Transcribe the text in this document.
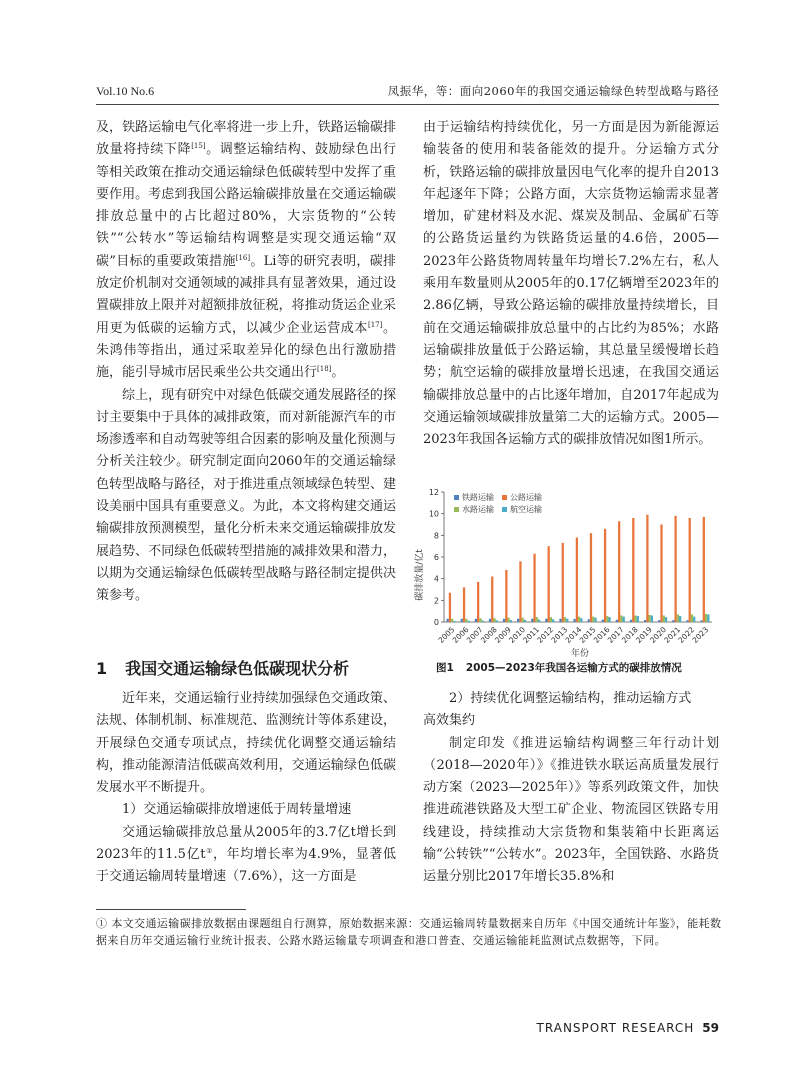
Vol.10 No.6	凤振华，等：面向2060年的我国交通运输绿色转型战略与路径

及，铁路运输电气化率将进一步上升，铁路运输碳排放量将持续下降[15]。调整运输结构、鼓励绿色出行等相关政策在推动交通运输绿色低碳转型中发挥了重要作用。考虑到我国公路运输碳排放量在交通运输碳排放总量中的占比超过80%，大宗货物的“公转铁”“公转水”等运输结构调整是实现交通运输“双碳”目标的重要政策措施[16]。Li等的研究表明，碳排放定价机制对交通领域的减排具有显著效果，通过设置碳排放上限并对超额排放征税，将推动货运企业采用更为低碳的运输方式，以减少企业运营成本[17]。朱鸿伟等指出，通过采取差异化的绿色出行激励措施，能引导城市居民乘坐公共交通出行[18]。

综上，现有研究中对绿色低碳交通发展路径的探讨主要集中于具体的减排政策，而对新能源汽车的市场渗透率和自动驾驶等组合因素的影响及量化预测与分析关注较少。研究制定面向2060年的交通运输绿色转型战略与路径，对于推进重点领域绿色转型、建设美丽中国具有重要意义。为此，本文将构建交通运输碳排放预测模型，量化分析未来交通运输碳排放发展趋势、不同绿色低碳转型措施的减排效果和潜力，以期为交通运输绿色低碳转型战略与路径制定提供决策参考。

1 我国交通运输绿色低碳现状分析

近年来，交通运输行业持续加强绿色交通政策、法规、体制机制、标准规范、监测统计等体系建设，开展绿色交通专项试点，持续优化调整交通运输结构，推动能源清洁低碳高效利用，交通运输绿色低碳发展水平不断提升。

1）交通运输碳排放增速低于周转量增速

交通运输碳排放总量从2005年的3.7亿t增长到2023年的11.5亿t①，年均增长率为4.9%，显著低于交通运输周转量增速（7.6%），这一方面是

由于运输结构持续优化，另一方面是因为新能源运输装备的使用和装备能效的提升。分运输方式分析，铁路运输的碳排放量因电气化率的提升自2013年起逐年下降；公路方面，大宗货物运输需求显著增加，矿建材料及水泥、煤炭及制品、金属矿石等的公路货运量约为铁路货运量的4.6倍，2005—2023年公路货物周转量年均增长7.2%左右，私人乘用车数量则从2005年的0.17亿辆增至2023年的2.86亿辆，导致公路运输的碳排放量持续增长，目前在交通运输碳排放总量中的占比约为85%；水路运输碳排放量低于公路运输，其总量呈缓慢增长趋势；航空运输的碳排放量增长迅速，在我国交通运输碳排放总量中的占比逐年增加，自2017年起成为交通运输领域碳排放量第二大的运输方式。2005—2023年我国各运输方式的碳排放情况如图1所示。

0
2
4
6
8
10
12
2005
2006
2007
2008
2009
2010
2011
2012
2013
2014
2015
2016
2017
2018
2019
2020
2021
2022
2023
铁路运输 公路运输
水路运输 航空运输
碳排放量/亿t
年份
图1 2005—2023年我国各运输方式的碳排放情况

2）持续优化调整运输结构，推动运输方式

高效集约

制定印发《推进运输结构调整三年行动计划（2018—2020年）》《推进铁水联运高质量发展行动方案（2023—2025年）》等系列政策文件，加快推进疏港铁路及大型工矿企业、物流园区铁路专用线建设，持续推动大宗货物和集装箱中长距离运输“公转铁”“公转水”。2023年，全国铁路、水路货运量分别比2017年增长35.8%和

① 本文交通运输碳排放数据由课题组自行测算，原始数据来源：交通运输周转量数据来自历年《中国交通统计年鉴》，能耗数据来自历年交通运输行业统计报表、公路水路运输量专项调查和港口普查、交通运输能耗监测试点数据等，下同。
TRANSPORT RESEARCH 59
